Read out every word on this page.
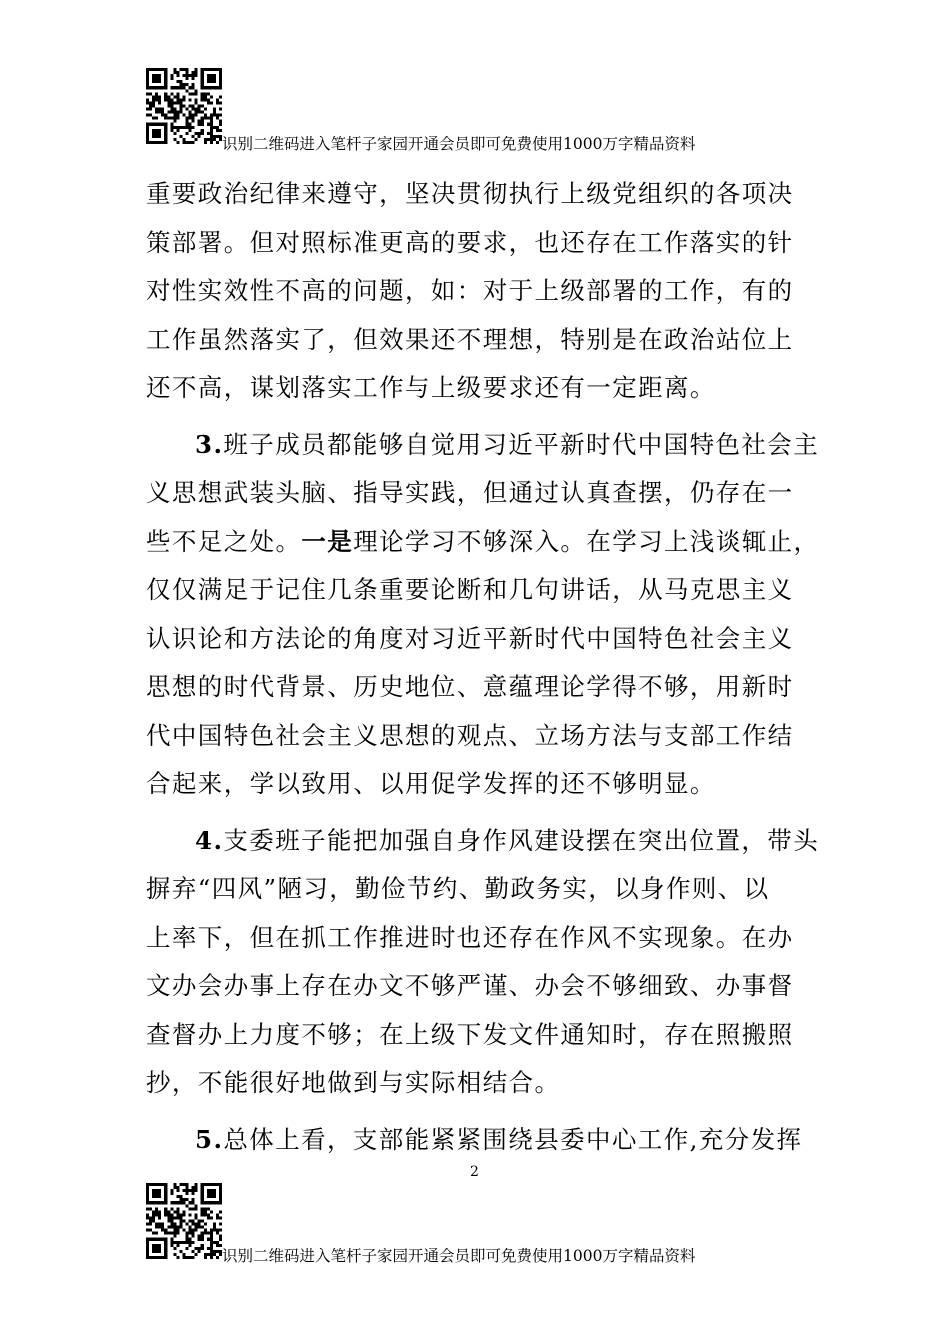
识别二维码进入笔杆子家园开通会员即可免费使用1000万字精品资料
重要政治纪律来遵守，坚决贯彻执行上级党组织的各项决
策部署。但对照标准更高的要求，也还存在工作落实的针
对性实效性不高的问题，如：对于上级部署的工作，有的
工作虽然落实了，但效果还不理想，特别是在政治站位上
还不高，谋划落实工作与上级要求还有一定距离。
3.班子成员都能够自觉用习近平新时代中国特色社会主
义思想武装头脑、指导实践，但通过认真查摆，仍存在一
些不足之处。一是理论学习不够深入。在学习上浅谈辄止，
仅仅满足于记住几条重要论断和几句讲话，从马克思主义
认识论和方法论的角度对习近平新时代中国特色社会主义
思想的时代背景、历史地位、意蕴理论学得不够，用新时
代中国特色社会主义思想的观点、立场方法与支部工作结
合起来，学以致用、以用促学发挥的还不够明显。
4.支委班子能把加强自身作风建设摆在突出位置，带头
摒弃“四风”陋习，勤俭节约、勤政务实，以身作则、以
上率下，但在抓工作推进时也还存在作风不实现象。在办
文办会办事上存在办文不够严谨、办会不够细致、办事督
查督办上力度不够；在上级下发文件通知时，存在照搬照
抄，不能很好地做到与实际相结合。
5.总体上看，支部能紧紧围绕县委中心工作,充分发挥
2
识别二维码进入笔杆子家园开通会员即可免费使用1000万字精品资料
